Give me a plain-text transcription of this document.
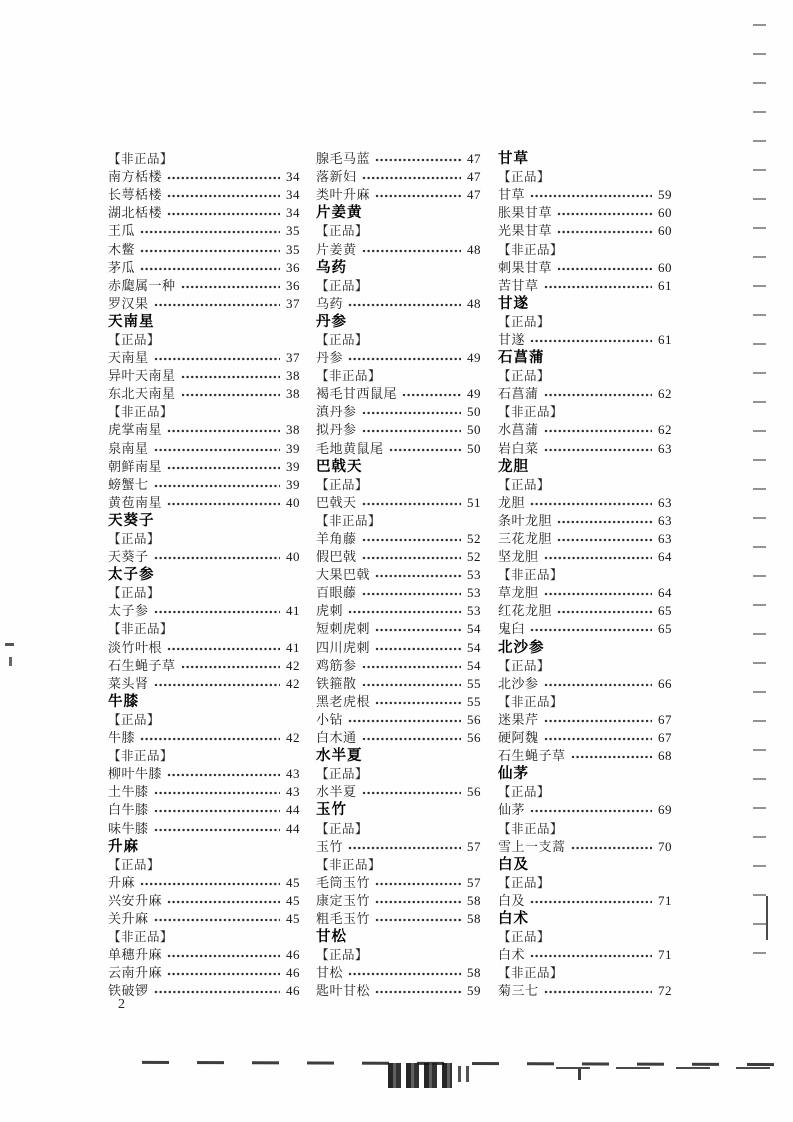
【非正品】
南方栝楼	34
长萼栝楼	34
湖北栝楼	34
王瓜	35
木鳖	35
茅瓜	36
赤瓟属一种	36
罗汉果	37
天南星
【正品】
天南星	37
异叶天南星	38
东北天南星	38
【非正品】
虎掌南星	38
泉南星	39
朝鲜南星	39
螃蟹七	39
黄苞南星	40
天葵子
【正品】
天葵子	40
太子参
【正品】
太子参	41
【非正品】
淡竹叶根	41
石生蝇子草	42
菜头肾	42
牛膝
【正品】
牛膝	42
【非正品】
柳叶牛膝	43
土牛膝	43
白牛膝	44
味牛膝	44
升麻
【正品】
升麻	45
兴安升麻	45
关升麻	45
【非正品】
单穗升麻	46
云南升麻	46
铁破锣	46
腺毛马蓝	47
落新妇	47
类叶升麻	47
片姜黄
【正品】
片姜黄	48
乌药
【正品】
乌药	48
丹参
【正品】
丹参	49
【非正品】
褐毛甘西鼠尾	49
滇丹参	50
拟丹参	50
毛地黄鼠尾	50
巴戟天
【正品】
巴戟天	51
【非正品】
羊角藤	52
假巴戟	52
大果巴戟	53
百眼藤	53
虎刺	53
短刺虎刺	54
四川虎刺	54
鸡筋参	54
铁箍散	55
黑老虎根	55
小钻	56
白木通	56
水半夏
【正品】
水半夏	56
玉竹
【正品】
玉竹	57
【非正品】
毛筒玉竹	57
康定玉竹	58
粗毛玉竹	58
甘松
【正品】
甘松	58
匙叶甘松	59
甘草
【正品】
甘草	59
胀果甘草	60
光果甘草	60
【非正品】
刺果甘草	60
苦甘草	61
甘遂
【正品】
甘遂	61
石菖蒲
【正品】
石菖蒲	62
【非正品】
水菖蒲	62
岩白菜	63
龙胆
【正品】
龙胆	63
条叶龙胆	63
三花龙胆	63
坚龙胆	64
【非正品】
草龙胆	64
红花龙胆	65
鬼臼	65
北沙参
【正品】
北沙参	66
【非正品】
迷果芹	67
硬阿魏	67
石生蝇子草	68
仙茅
【正品】
仙茅	69
【非正品】
雪上一支蒿	70
白及
【正品】
白及	71
白术
【正品】
白术	71
【非正品】
菊三七	72
2
